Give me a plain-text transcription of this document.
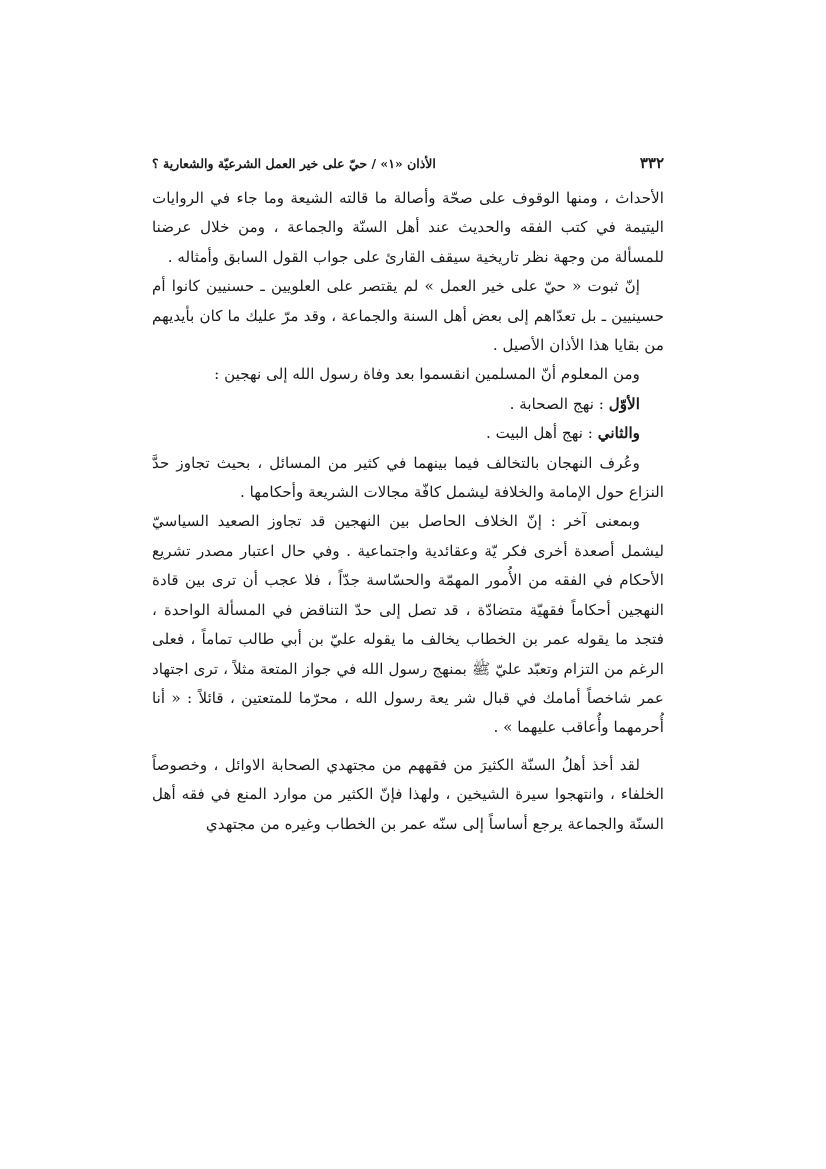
٣٣٢
الأذان «١» / حيّ على خير العمل الشرعيّة والشعارية ؟

الأحداث ، ومنها الوقوف على صحّة وأصالة ما قالته الشيعة وما جاء في الروايات اليتيمة في كتب الفقه والحديث عند أهل السنّة والجماعة ، ومن خلال عرضنا للمسألة من وجهة نظر تاريخية سيقف القارئ على جواب القول السابق وأمثاله .

إنّ ثبوت « حيّ على خير العمل » لم يقتصر على العلويين ـ حسنيين كانوا أم حسينيين ـ بل تعدّاهم إلى بعض أهل السنة والجماعة ، وقد مرّ عليك ما كان بأيديهم من بقايا هذا الأذان الأصيل .

ومن المعلوم أنّ المسلمين انقسموا بعد وفاة رسول الله إلى نهجين :

الأوّل : نهج الصحابة .

والثاني : نهج أهل البيت .

وعُرف النهجان بالتخالف فيما بينهما في كثير من المسائل ، بحيث تجاوز حدَّ النزاع حول الإمامة والخلافة ليشمل كافّة مجالات الشريعة وأحكامها .

وبمعنى آخر : إنّ الخلاف الحاصل بين النهجين قد تجاوز الصعيد السياسيّ ليشمل أصعدة أخرى فكر يّة وعقائدية واجتماعية . وفي حال اعتبار مصدر تشريع الأحكام في الفقه من الأُمور المهمّة والحسّاسة جدّاً ، فلا عجب أن ترى بين قادة النهجين أحكاماً فقهيّة متضادّة ، قد تصل إلى حدّ التناقض في المسألة الواحدة ، فتجد ما يقوله عمر بن الخطاب يخالف ما يقوله عليّ بن أبي طالب تماماً ، فعلى الرغم من التزام وتعبّد عليّ ﷺ بمنهج رسول الله في جواز المتعة مثلاً ، ترى اجتهاد عمر شاخصاً أمامك في قبال شر يعة رسول الله ، محرّما للمتعتين ، قائلاً : « أنا أُحرمهما وأُعاقب عليهما » .

لقد أخذ أهلُ السنّة الكثيرَ من فقههم من مجتهدي الصحابة الاوائل ، وخصوصاً الخلفاء ، وانتهجوا سيرة الشيخين ، ولهذا فإنّ الكثير من موارد المنع في فقه أهل السنّة والجماعة يرجع أساساً إلى سنّه عمر بن الخطاب وغيره من مجتهدي
